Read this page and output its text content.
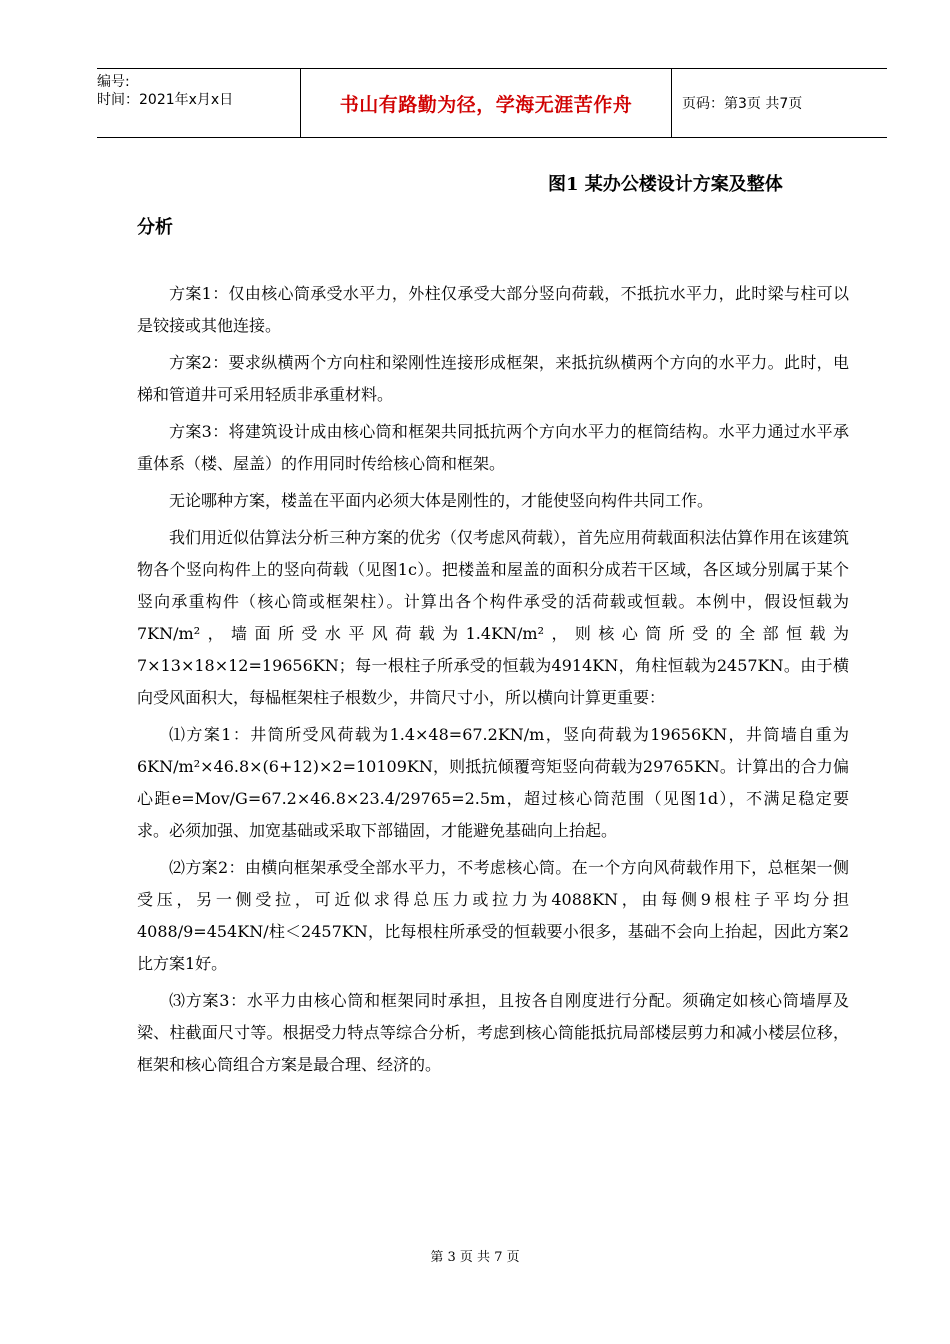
编号:
时间：2021年x月x日	书山有路勤为径，学海无涯苦作舟	页码：第3页 共7页
图1 某办公楼设计方案及整体
分析

方案1：仅由核心筒承受水平力，外柱仅承受大部分竖向荷载，不抵抗水平力，此时梁与柱可以是铰接或其他连接。

方案2：要求纵横两个方向柱和梁刚性连接形成框架，来抵抗纵横两个方向的水平力。此时，电梯和管道井可采用轻质非承重材料。

方案3：将建筑设计成由核心筒和框架共同抵抗两个方向水平力的框筒结构。水平力通过水平承重体系（楼、屋盖）的作用同时传给核心筒和框架。

无论哪种方案，楼盖在平面内必须大体是刚性的，才能使竖向构件共同工作。

我们用近似估算法分析三种方案的优劣（仅考虑风荷载），首先应用荷载面积法估算作用在该建筑物各个竖向构件上的竖向荷载（见图1c）。把楼盖和屋盖的面积分成若干区域，各区域分别属于某个竖向承重构件（核心筒或框架柱）。计算出各个构件承受的活荷载或恒载。本例中，假设恒载为7KN/m²，墙面所受水平风荷载为1.4KN/m²，则核心筒所受的全部恒载为7×13×18×12=19656KN；每一根柱子所承受的恒载为4914KN，角柱恒载为2457KN。由于横向受风面积大，每榀框架柱子根数少，井筒尺寸小，所以横向计算更重要：

⑴方案1：井筒所受风荷载为1.4×48=67.2KN/m，竖向荷载为19656KN，井筒墙自重为6KN/m²×46.8×(6+12)×2=10109KN，则抵抗倾覆弯矩竖向荷载为29765KN。计算出的合力偏心距e=Mov/G=67.2×46.8×23.4/29765=2.5m，超过核心筒范围（见图1d），不满足稳定要求。必须加强、加宽基础或采取下部锚固，才能避免基础向上抬起。

⑵方案2：由横向框架承受全部水平力，不考虑核心筒。在一个方向风荷载作用下，总框架一侧受压，另一侧受拉，可近似求得总压力或拉力为4088KN，由每侧9根柱子平均分担4088/9=454KN/柱＜2457KN，比每根柱所承受的恒载要小很多，基础不会向上抬起，因此方案2比方案1好。

⑶方案3：水平力由核心筒和框架同时承担，且按各自刚度进行分配。须确定如核心筒墙厚及梁、柱截面尺寸等。根据受力特点等综合分析，考虑到核心筒能抵抗局部楼层剪力和减小楼层位移，框架和核心筒组合方案是最合理、经济的。

第 3 页 共 7 页
